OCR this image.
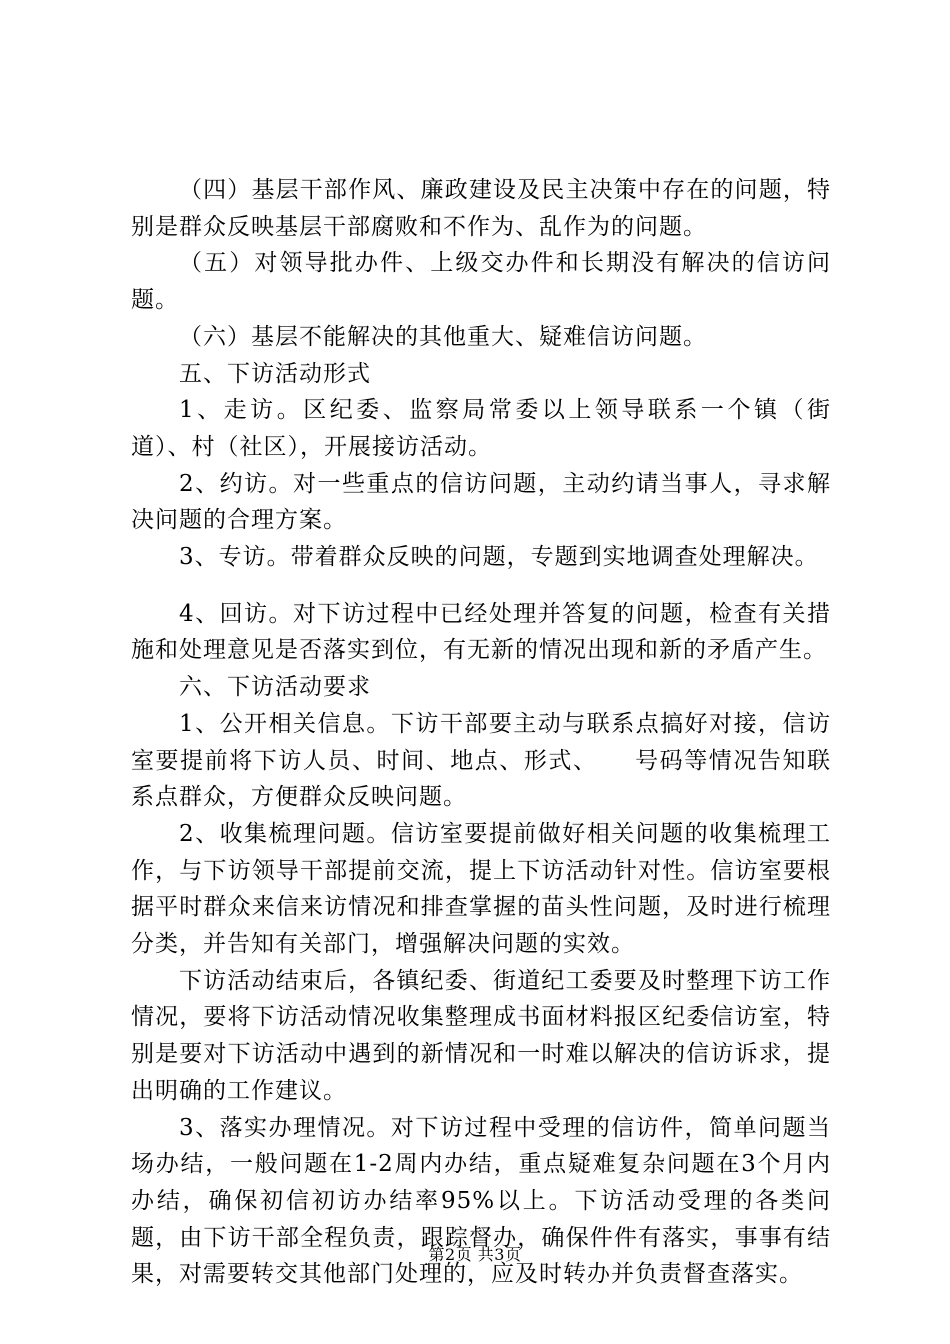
（四）基层干部作风、廉政建设及民主决策中存在的问题，特别是群众反映基层干部腐败和不作为、乱作为的问题。

（五）对领导批办件、上级交办件和长期没有解决的信访问题。

（六）基层不能解决的其他重大、疑难信访问题。

五、下访活动形式

1、走访。区纪委、监察局常委以上领导联系一个镇（街道）、村（社区），开展接访活动。

2、约访。对一些重点的信访问题，主动约请当事人，寻求解决问题的合理方案。

3、专访。带着群众反映的问题，专题到实地调查处理解决。

4、回访。对下访过程中已经处理并答复的问题，检查有关措施和处理意见是否落实到位，有无新的情况出现和新的矛盾产生。

六、下访活动要求

1、公开相关信息。下访干部要主动与联系点搞好对接，信访室要提前将下访人员、时间、地点、形式、　　号码等情况告知联系点群众，方便群众反映问题。

2、收集梳理问题。信访室要提前做好相关问题的收集梳理工作，与下访领导干部提前交流，提上下访活动针对性。信访室要根据平时群众来信来访情况和排查掌握的苗头性问题，及时进行梳理分类，并告知有关部门，增强解决问题的实效。

下访活动结束后，各镇纪委、街道纪工委要及时整理下访工作情况，要将下访活动情况收集整理成书面材料报区纪委信访室，特别是要对下访活动中遇到的新情况和一时难以解决的信访诉求，提出明确的工作建议。

3、落实办理情况。对下访过程中受理的信访件，简单问题当场办结，一般问题在1-2周内办结，重点疑难复杂问题在3个月内办结，确保初信初访办结率95%以上。下访活动受理的各类问题，由下访干部全程负责，跟踪督办，确保件件有落实，事事有结果，对需要转交其他部门处理的，应及时转办并负责督查落实。

第2页 共3页
